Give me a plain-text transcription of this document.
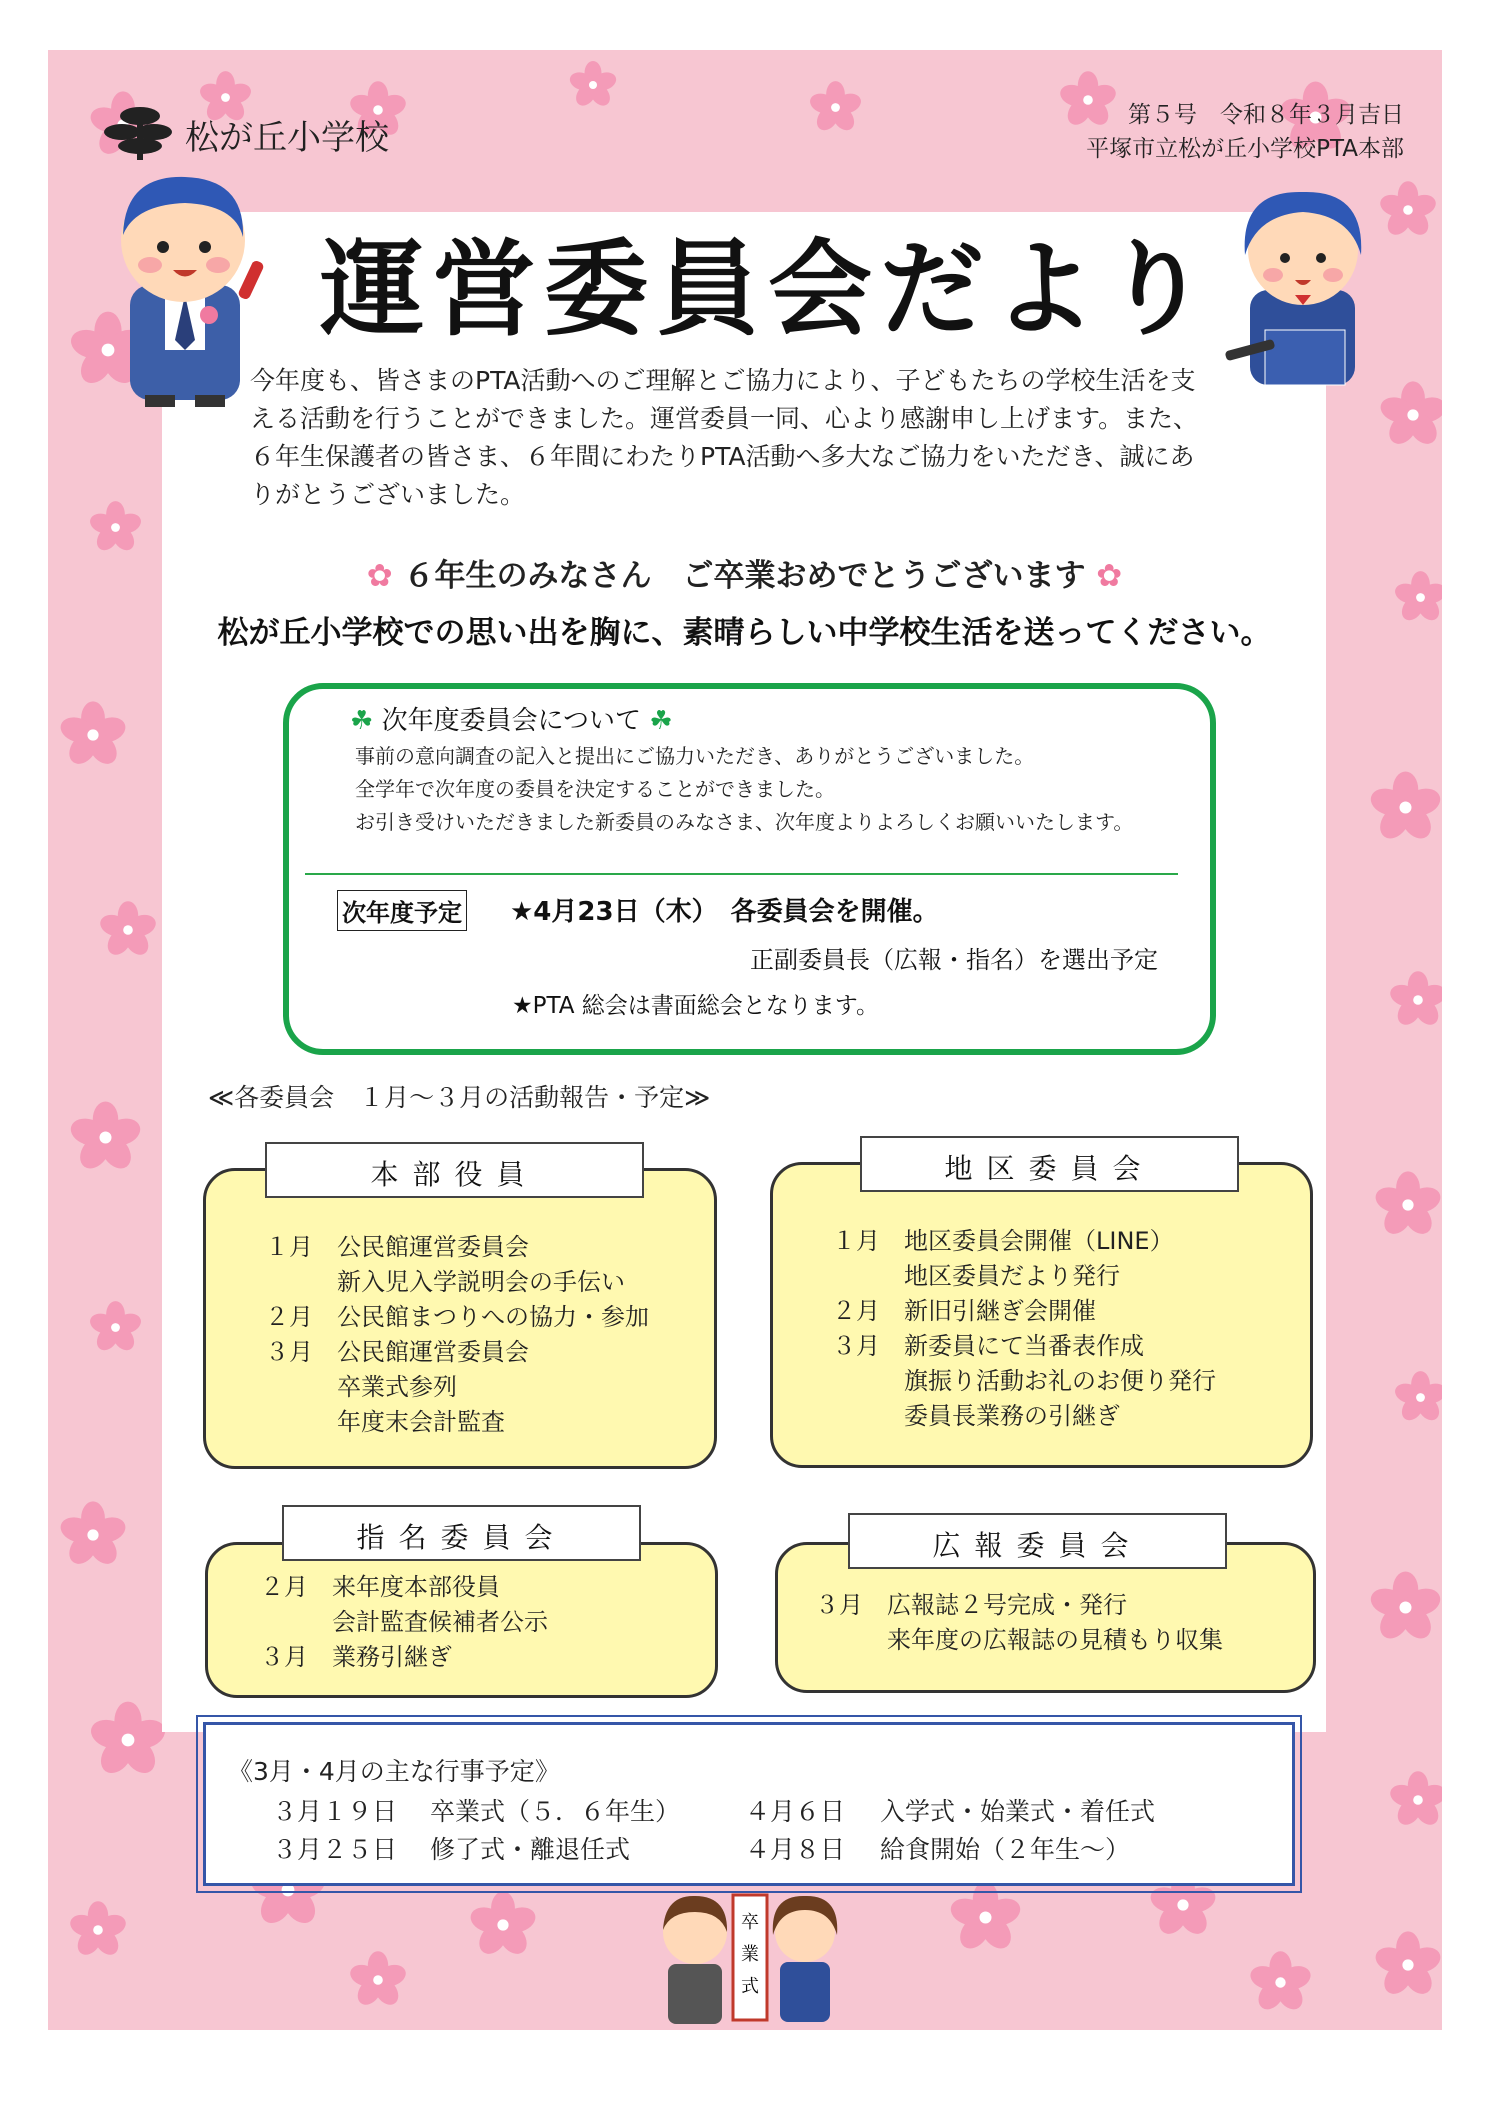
松が丘小学校
第５号　令和８年３月吉日
平塚市立松が丘小学校PTA本部
運営委員会だより
今年度も、皆さまのPTA活動へのご理解とご協力により、子どもたちの学校生活を支える活動を行うことができました。運営委員一同、心より感謝申し上げます。また、６年生保護者の皆さま、６年間にわたりPTA活動へ多大なご協力をいただき、誠にありがとうございました。
✿ ６年生のみなさん　ご卒業おめでとうございます ✿
松が丘小学校での思い出を胸に、素晴らしい中学校生活を送ってください。
☘ 次年度委員会について ☘
事前の意向調査の記入と提出にご協力いただき、ありがとうございました。
全学年で次年度の委員を決定することができました。
お引き受けいただきました新委員のみなさま、次年度よりよろしくお願いいたします。
次年度予定 ★4月23日（木）　各委員会を開催。
正副委員長（広報・指名）を選出予定
★PTA 総会は書面総会となります。
≪各委員会　１月～３月の活動報告・予定≫
本部役員
１月 公民館運営委員会
新入児入学説明会の手伝い
２月 公民館まつりへの協力・参加
３月 公民館運営委員会
卒業式参列
年度末会計監査
地区委員会
１月 地区委員会開催（LINE）
地区委員だより発行
２月 新旧引継ぎ会開催
３月 新委員にて当番表作成
旗振り活動お礼のお便り発行
委員長業務の引継ぎ
指名委員会
２月 来年度本部役員
会計監査候補者公示
３月 業務引継ぎ
広報委員会
３月 広報誌２号完成・発行
来年度の広報誌の見積もり収集
《3月・4月の主な行事予定》
３月１９日 卒業式（５．６年生）
３月２５日 修了式・離退任式
４月６日 入学式・始業式・着任式
４月８日 給食開始（２年生～）
卒
業
式
